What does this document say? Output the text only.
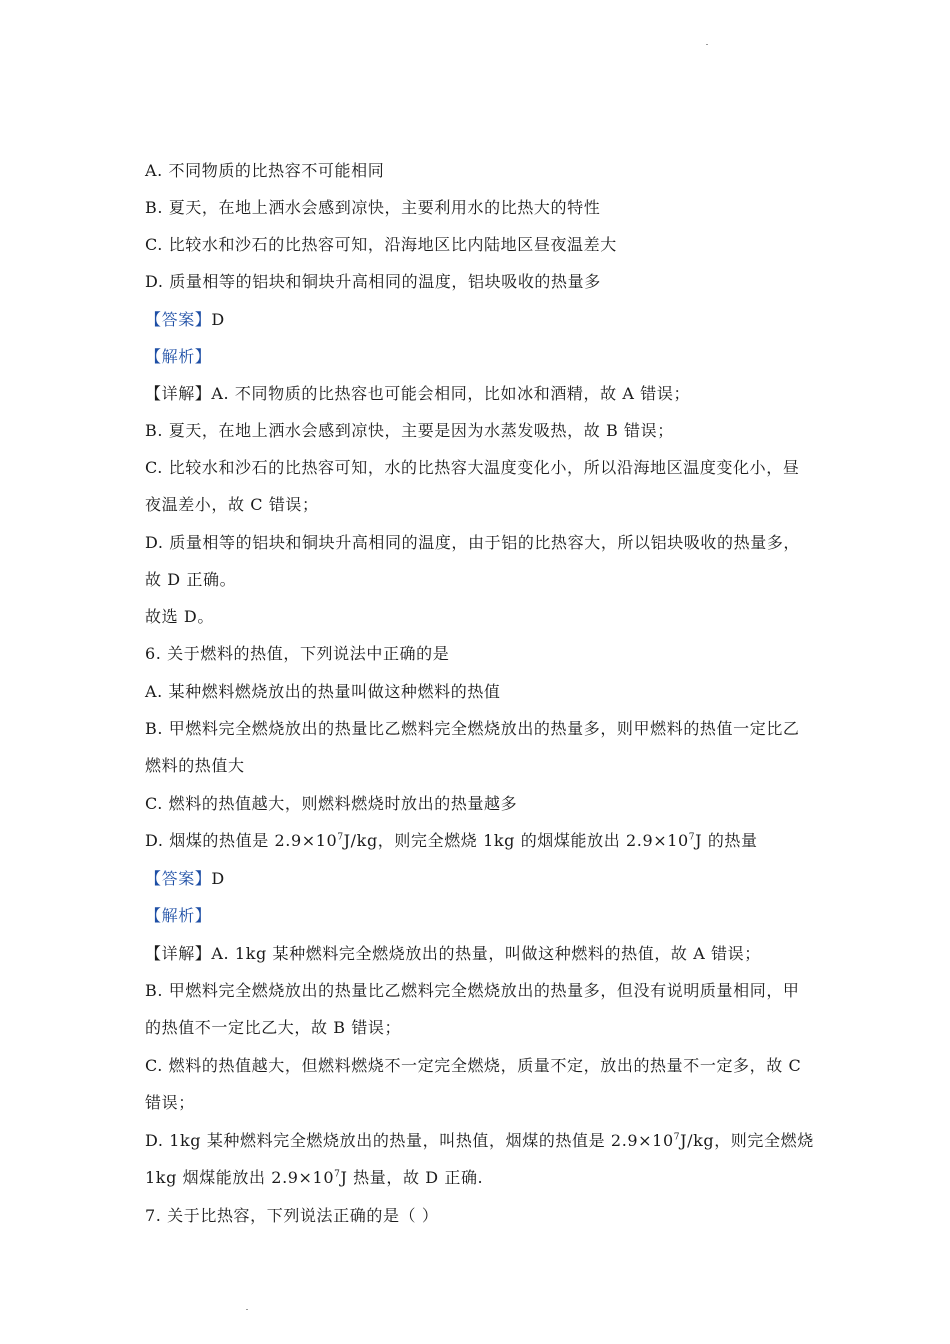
A. 不同物质的比热容不可能相同
B. 夏天，在地上洒水会感到凉快，主要利用水的比热大的特性
C. 比较水和沙石的比热容可知，沿海地区比内陆地区昼夜温差大
D. 质量相等的铝块和铜块升高相同的温度，铝块吸收的热量多
【答案】D
【解析】
【详解】A. 不同物质的比热容也可能会相同，比如冰和酒精，故 A 错误；
B. 夏天，在地上洒水会感到凉快，主要是因为水蒸发吸热，故 B 错误；
C. 比较水和沙石的比热容可知，水的比热容大温度变化小，所以沿海地区温度变化小，昼
夜温差小，故 C 错误；
D. 质量相等的铝块和铜块升高相同的温度，由于铝的比热容大，所以铝块吸收的热量多，
故 D 正确。
故选 D。
6. 关于燃料的热值，下列说法中正确的是
A. 某种燃料燃烧放出的热量叫做这种燃料的热值
B. 甲燃料完全燃烧放出的热量比乙燃料完全燃烧放出的热量多，则甲燃料的热值一定比乙
燃料的热值大
C. 燃料的热值越大，则燃料燃烧时放出的热量越多
D. 烟煤的热值是 $2.9\times 10^7J/kg$，则完全燃烧 1kg 的烟煤能放出 $2.9\times 10^7J$ 的热量
【答案】D
【解析】
【详解】A. 1kg 某种燃料完全燃烧放出的热量，叫做这种燃料的热值，故 A 错误；
B. 甲燃料完全燃烧放出的热量比乙燃料完全燃烧放出的热量多，但没有说明质量相同，甲
的热值不一定比乙大，故 B 错误；
C. 燃料的热值越大，但燃料燃烧不一定完全燃烧，质量不定，放出的热量不一定多，故 C
错误；
D. 1kg 某种燃料完全燃烧放出的热量，叫热值，烟煤的热值是 $2.9\times 10^7J/kg$，则完全燃烧
1kg 烟煤能放出 $2.9\times 10^7J$ 热量，故 D 正确.
7. 关于比热容，下列说法正确的是（ ）
